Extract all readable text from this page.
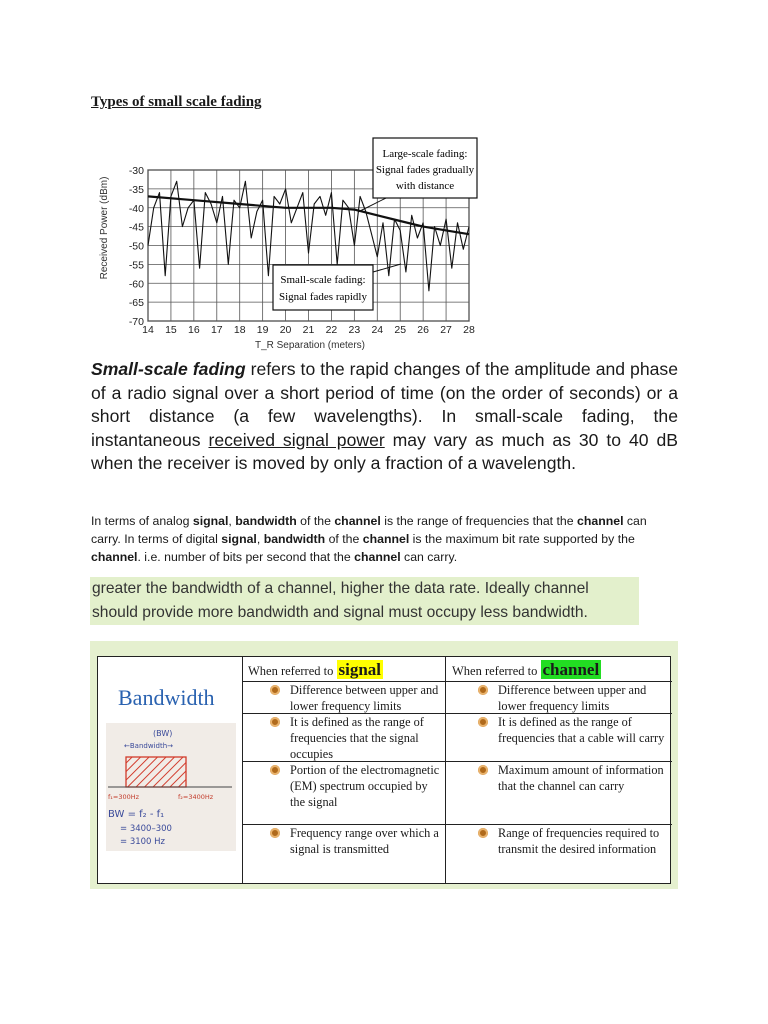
Types of small scale fading
14 15 16 17 18 19 20 21 22 23 24 25 26 27 28
-30
-35
-40
-45
-50
-55
-60
-65
-70
Received Power (dBm)
T_R Separation (meters)
Large-scale fading:
Signal fades gradually
with distance
Small-scale fading:
Signal fades rapidly
Small-scale fading refers to the rapid changes of the amplitude and phase of a radio signal over a short period of time (on the order of seconds) or a short distance (a few wavelengths). In small-scale fading, the instantaneous received signal power may vary as much as 30 to 40 dB when the receiver is moved by only a fraction of a wavelength.
In terms of analog signal, bandwidth of the channel is the range of frequencies that the channel can carry. In terms of digital signal, bandwidth of the channel is the maximum bit rate supported by the channel. i.e. number of bits per second that the channel can carry.
greater the bandwidth of a channel, higher the data rate. Ideally channel should provide more bandwidth and signal must occupy less bandwidth.
Bandwidth
(BW)
←Bandwidth→
f₁=300Hz	f₂=3400Hz
BW = f₂ - f₁
= 3400–300
= 3100 Hz
When referred to signal
Difference between upper and lower frequency limits
It is defined as the range of frequencies that the signal occupies
Portion of the electromagnetic (EM) spectrum occupied by the signal
Frequency range over which a signal is transmitted
When referred to channel
Difference between upper and lower frequency limits
It is defined as the range of frequencies that a cable will carry
Maximum amount of information that the channel can carry
Range of frequencies required to transmit the desired information
